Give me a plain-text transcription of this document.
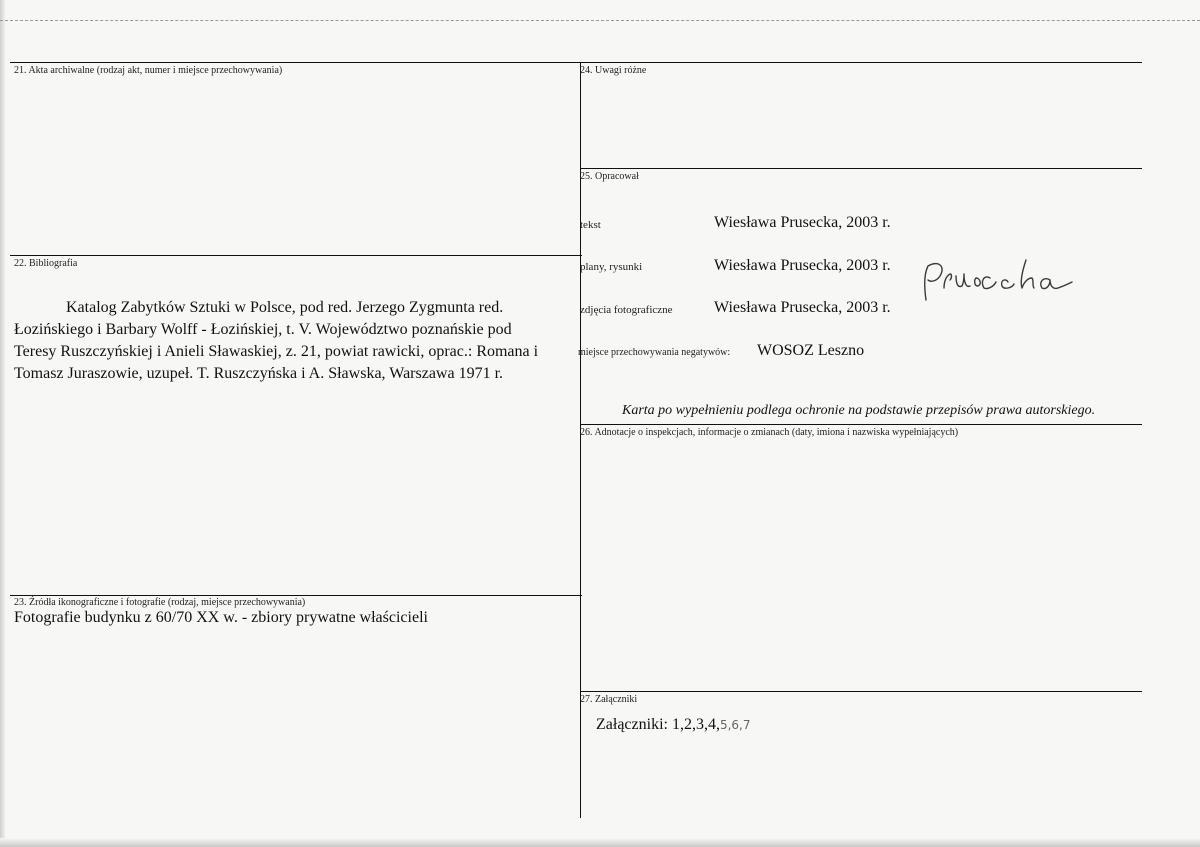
21. Akta archiwalne (rodzaj akt, numer i miejsce przechowywania)
22. Bibliografia
Katalog Zabytków Sztuki w Polsce, pod red. Jerzego Zygmunta red.
Łozińskiego i Barbary Wolff - Łozińskiej, t. V. Województwo poznańskie pod
Teresy Ruszczyńskiej i Anieli Sławaskiej, z. 21, powiat rawicki, oprac.: Romana i
Tomasz Juraszowie, uzupeł. T. Ruszczyńska i A. Sławska, Warszawa 1971 r.
23. Źródła ikonograficzne i fotografie (rodzaj, miejsce przechowywania)
Fotografie budynku z 60/70 XX w. - zbiory prywatne właścicieli
24. Uwagi różne
25. Opracował
tekst	Wiesława Prusecka, 2003 r.
plany, rysunki	Wiesława Prusecka, 2003 r.
zdjęcia fotograficzne	Wiesława Prusecka, 2003 r.
miejsce przechowywania negatywów: WOSOZ Leszno
Karta po wypełnieniu podlega ochronie na podstawie przepisów prawa autorskiego.
26. Adnotacje o inspekcjach, informacje o zmianach (daty, imiona i nazwiska wypełniających)
27. Załączniki
Załączniki: 1,2,3,4,5,6,7
